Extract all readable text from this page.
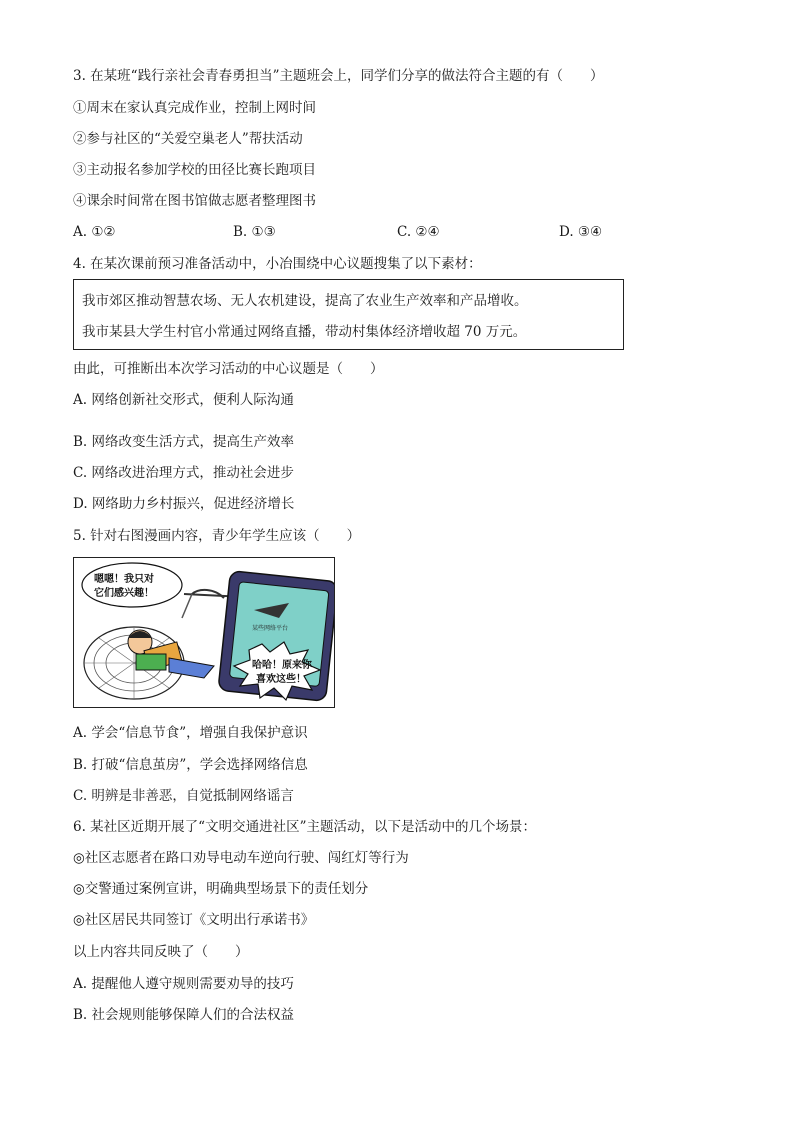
3. 在某班“践行亲社会青春勇担当”主题班会上，同学们分享的做法符合主题的有（　　）
①周末在家认真完成作业，控制上网时间
②参与社区的“关爱空巢老人”帮扶活动
③主动报名参加学校的田径比赛长跑项目
④课余时间常在图书馆做志愿者整理图书
A. ①②	B. ①③	C. ②④	D. ③④
4. 在某次课前预习准备活动中，小冶围绕中心议题搜集了以下素材：
我市郊区推动智慧农场、无人农机建设，提高了农业生产效率和产品增收。
我市某县大学生村官小常通过网络直播，带动村集体经济增收超 70 万元。
由此，可推断出本次学习活动的中心议题是（　　）
A. 网络创新社交形式，便利人际沟通
B. 网络改变生活方式，提高生产效率
C. 网络改进治理方式，推动社会进步
D. 网络助力乡村振兴，促进经济增长
5. 针对右图漫画内容，青少年学生应该（　　）
嗯嗯！我只对
它们感兴趣！
某些网络平台
哈哈！原来你
喜欢这些！
A. 学会“信息节食”，增强自我保护意识
B. 打破“信息茧房”，学会选择网络信息
C. 明辨是非善恶，自觉抵制网络谣言
6. 某社区近期开展了“文明交通进社区”主题活动，以下是活动中的几个场景：
◎社区志愿者在路口劝导电动车逆向行驶、闯红灯等行为
◎交警通过案例宣讲，明确典型场景下的责任划分
◎社区居民共同签订《文明出行承诺书》
以上内容共同反映了（　　）
A. 提醒他人遵守规则需要劝导的技巧
B. 社会规则能够保障人们的合法权益
